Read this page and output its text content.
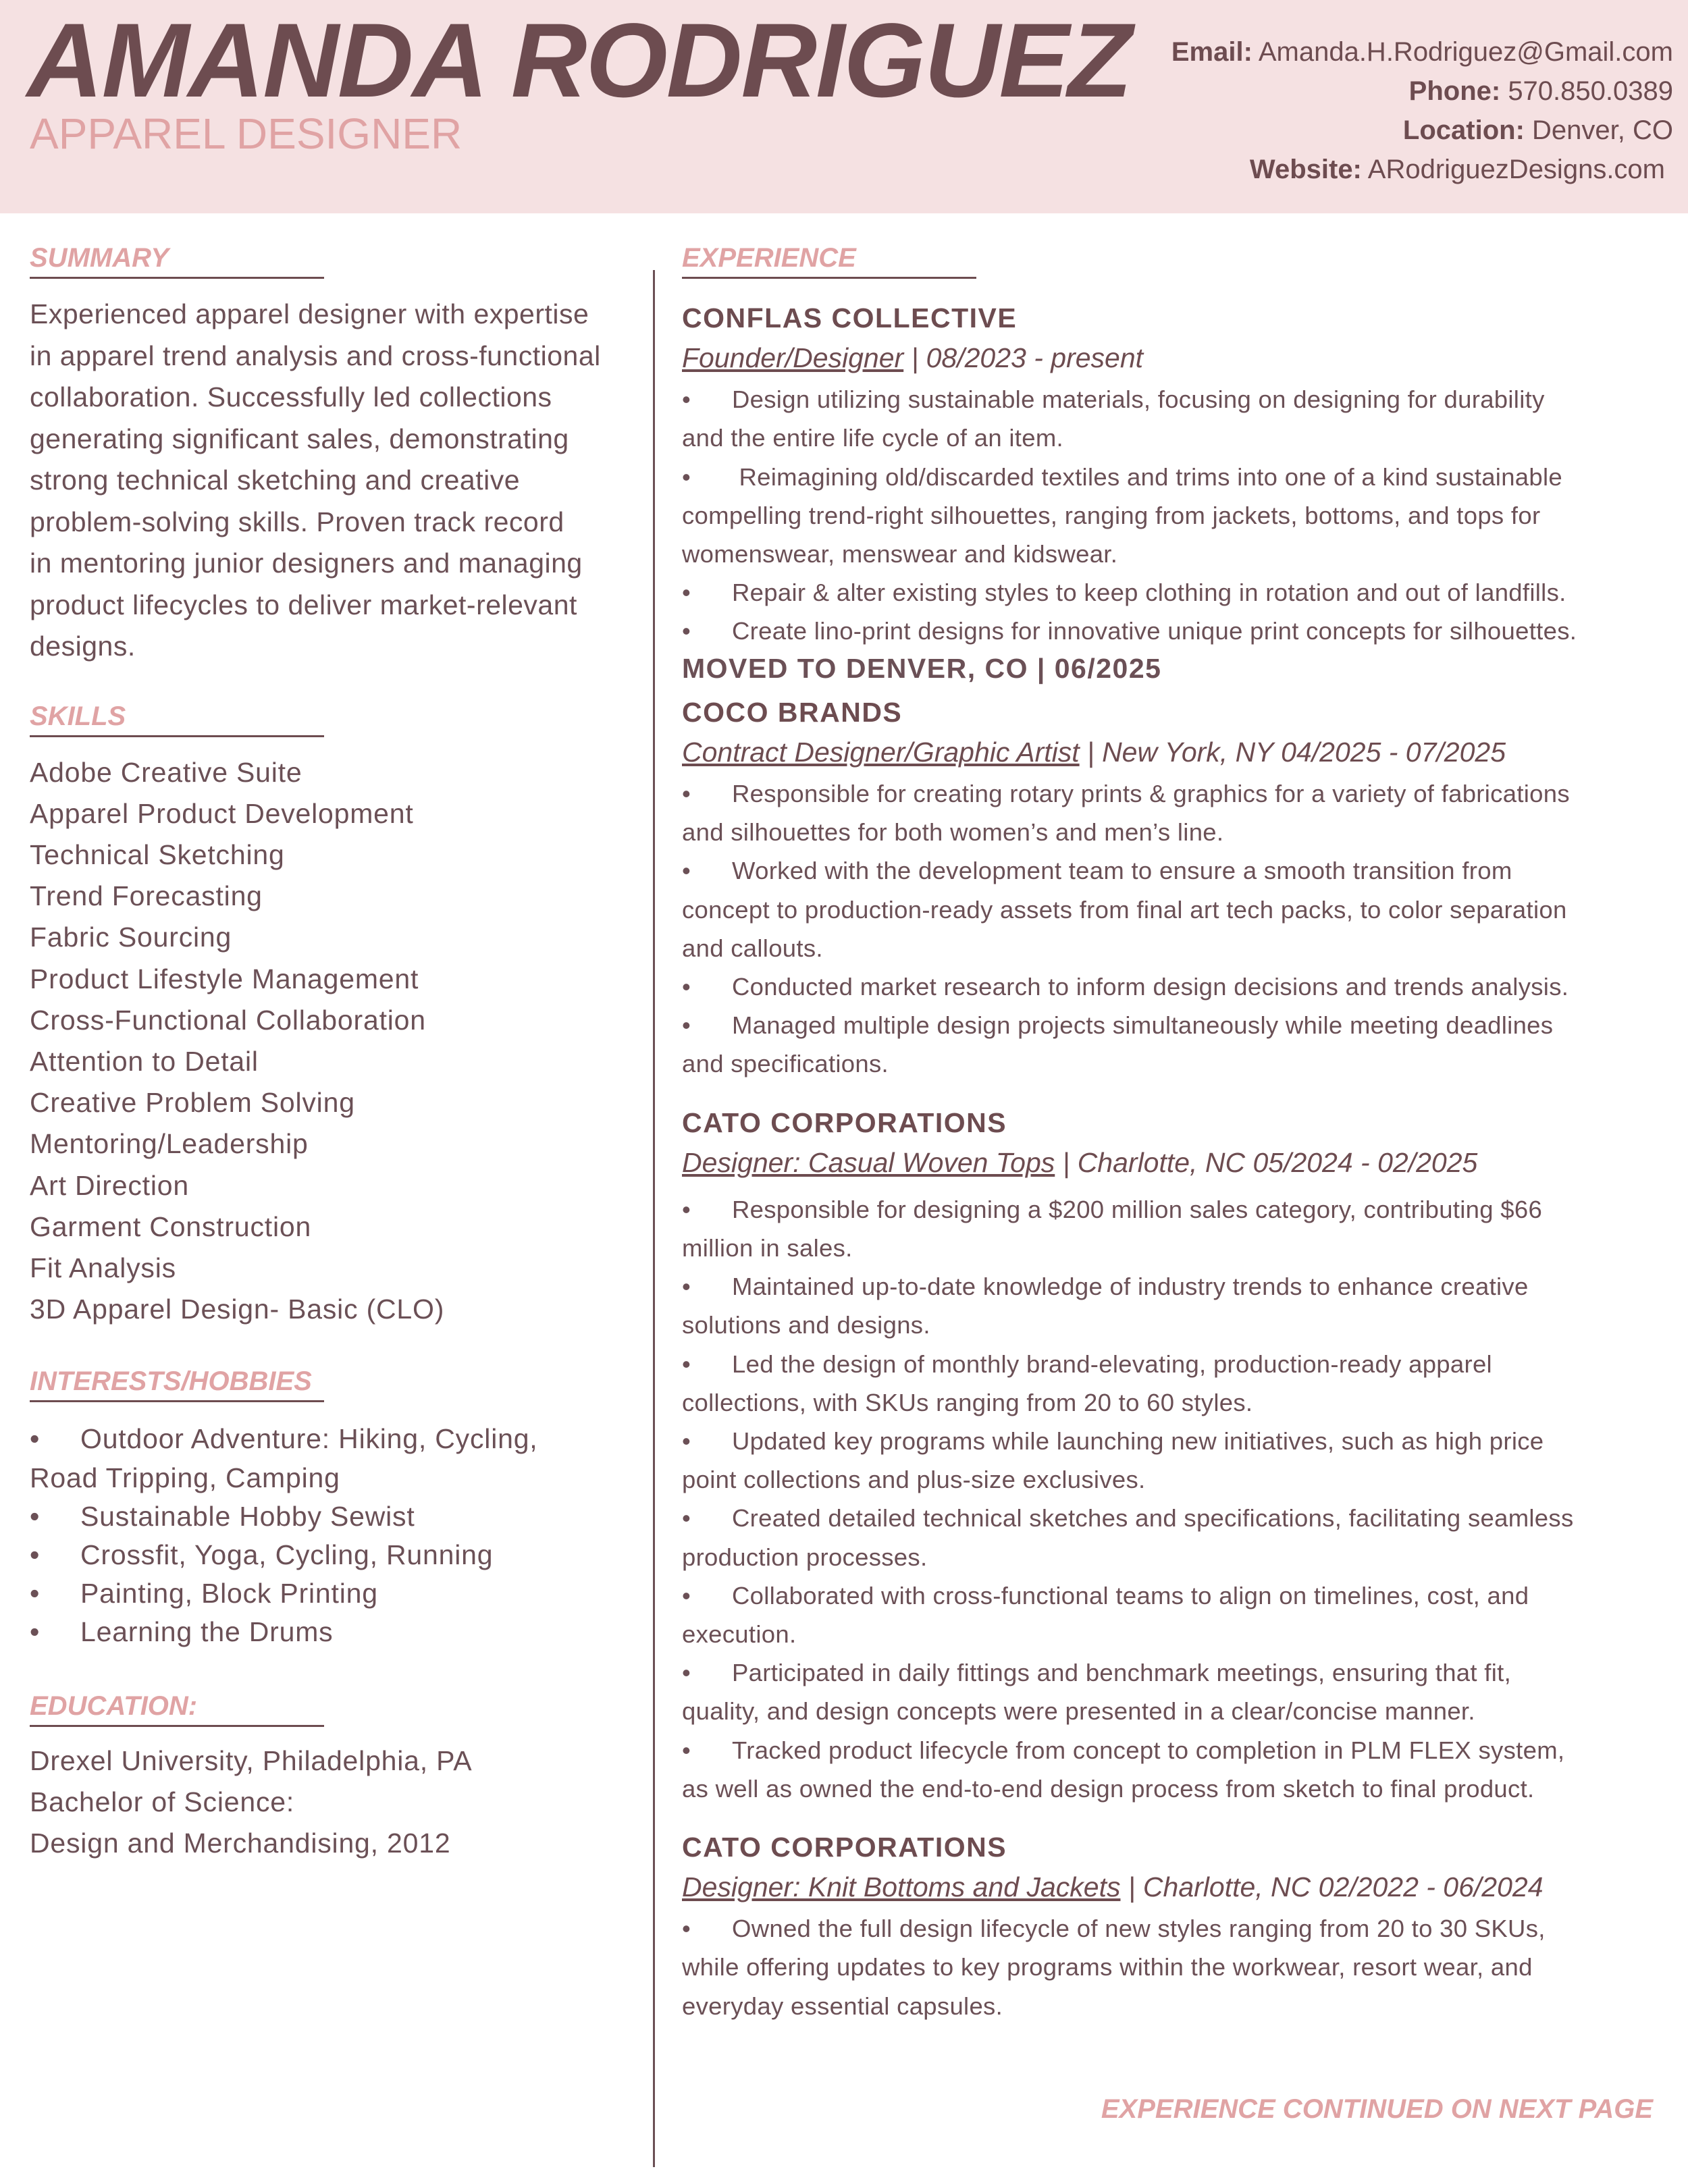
AMANDA RODRIGUEZ
APPAREL DESIGNER
Email: Amanda.H.Rodriguez@Gmail.com
Phone: 570.850.0389
Location: Denver, CO
Website: ARodriguezDesigns.com
SUMMARY
Experienced apparel designer with expertise
in apparel trend analysis and cross-functional
collaboration. Successfully led collections
generating significant sales, demonstrating
strong technical sketching and creative
problem-solving skills. Proven track record
in mentoring junior designers and managing
product lifecycles to deliver market-relevant
designs.
SKILLS
Adobe Creative Suite
Apparel Product Development
Technical Sketching
Trend Forecasting
Fabric Sourcing
Product Lifestyle Management
Cross-Functional Collaboration
Attention to Detail
Creative Problem Solving
Mentoring/Leadership
Art Direction
Garment Construction
Fit Analysis
3D Apparel Design- Basic (CLO)
INTERESTS/HOBBIES
• Outdoor Adventure: Hiking, Cycling,
Road Tripping, Camping
• Sustainable Hobby Sewist
• Crossfit, Yoga, Cycling, Running
• Painting, Block Printing
• Learning the Drums
EDUCATION:
Drexel University, Philadelphia, PA
Bachelor of Science:
Design and Merchandising, 2012
EXPERIENCE
CONFLAS COLLECTIVE
Founder/Designer | 08/2023 - present
• Design utilizing sustainable materials, focusing on designing for durability
and the entire life cycle of an item.
• Reimagining old/discarded textiles and trims into one of a kind sustainable
compelling trend-right silhouettes, ranging from jackets, bottoms, and tops for
womenswear, menswear and kidswear.
• Repair & alter existing styles to keep clothing in rotation and out of landfills.
• Create lino-print designs for innovative unique print concepts for silhouettes.
MOVED TO DENVER, CO | 06/2025
COCO BRANDS
Contract Designer/Graphic Artist | New York, NY 04/2025 - 07/2025
• Responsible for creating rotary prints & graphics for a variety of fabrications
and silhouettes for both women’s and men’s line.
• Worked with the development team to ensure a smooth transition from
concept to production-ready assets from final art tech packs, to color separation
and callouts.
• Conducted market research to inform design decisions and trends analysis.
• Managed multiple design projects simultaneously while meeting deadlines
and specifications.
CATO CORPORATIONS
Designer: Casual Woven Tops | Charlotte, NC 05/2024 - 02/2025
• Responsible for designing a $200 million sales category, contributing $66
million in sales.
• Maintained up-to-date knowledge of industry trends to enhance creative
solutions and designs.
• Led the design of monthly brand-elevating, production-ready apparel
collections, with SKUs ranging from 20 to 60 styles.
• Updated key programs while launching new initiatives, such as high price
point collections and plus-size exclusives.
• Created detailed technical sketches and specifications, facilitating seamless
production processes.
• Collaborated with cross-functional teams to align on timelines, cost, and
execution.
• Participated in daily fittings and benchmark meetings, ensuring that fit,
quality, and design concepts were presented in a clear/concise manner.
• Tracked product lifecycle from concept to completion in PLM FLEX system,
as well as owned the end-to-end design process from sketch to final product.
CATO CORPORATIONS
Designer: Knit Bottoms and Jackets | Charlotte, NC 02/2022 - 06/2024
• Owned the full design lifecycle of new styles ranging from 20 to 30 SKUs,
while offering updates to key programs within the workwear, resort wear, and
everyday essential capsules.
EXPERIENCE CONTINUED ON NEXT PAGE
